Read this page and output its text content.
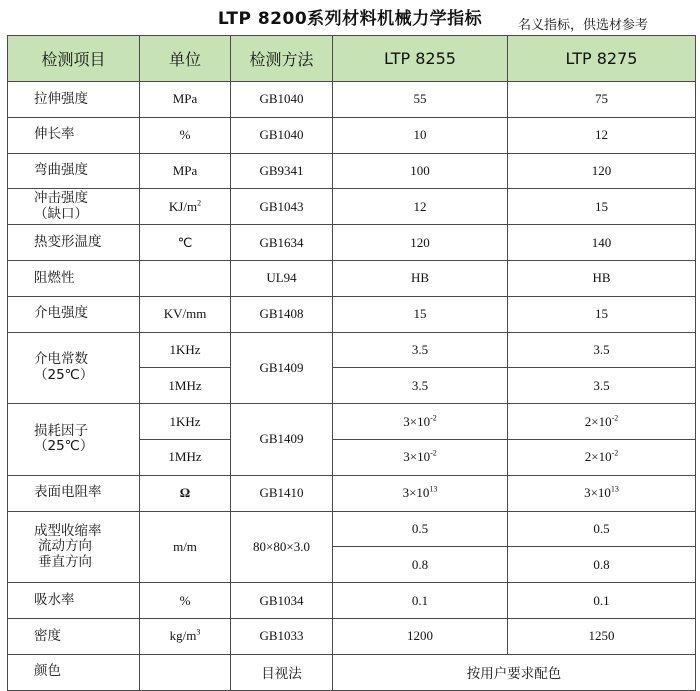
LTP 8200系列材料机械力学指标	名义指标，供选材参考
检测项目	单位	检测方法	LTP 8255	LTP 8275
拉伸强度	MPa	GB1040	55	75
伸长率	%	GB1040	10	12
弯曲强度	MPa	GB9341	100	120
冲击强度
（缺口）	$KJ/m^2$	GB1043	12	15
热变形温度	℃	GB1634	120	140
阻燃性		UL94	HB	HB
介电强度	KV/mm	GB1408	15	15
介电常数
（25℃）	1KHz	GB1409	3.5	3.5
	1MHz		3.5	3.5
损耗因子
（25℃）	1KHz	GB1409	$3\times 10^{-2}$	$2\times 10^{-2}$
	1MHz		$3\times 10^{-2}$	$2\times 10^{-2}$
表面电阻率	Ω	GB1410	$3\times 10^{13}$	$3\times 10^{13}$
成型收缩率

流动方向
垂直方向	m/m	80×80×3.0	0.5	0.5
			0.8	0.8
吸水率	%	GB1034	0.1	0.1
密度	$kg/m^3$	GB1033	1200	1250
颜色		目视法	按用户要求配色	
